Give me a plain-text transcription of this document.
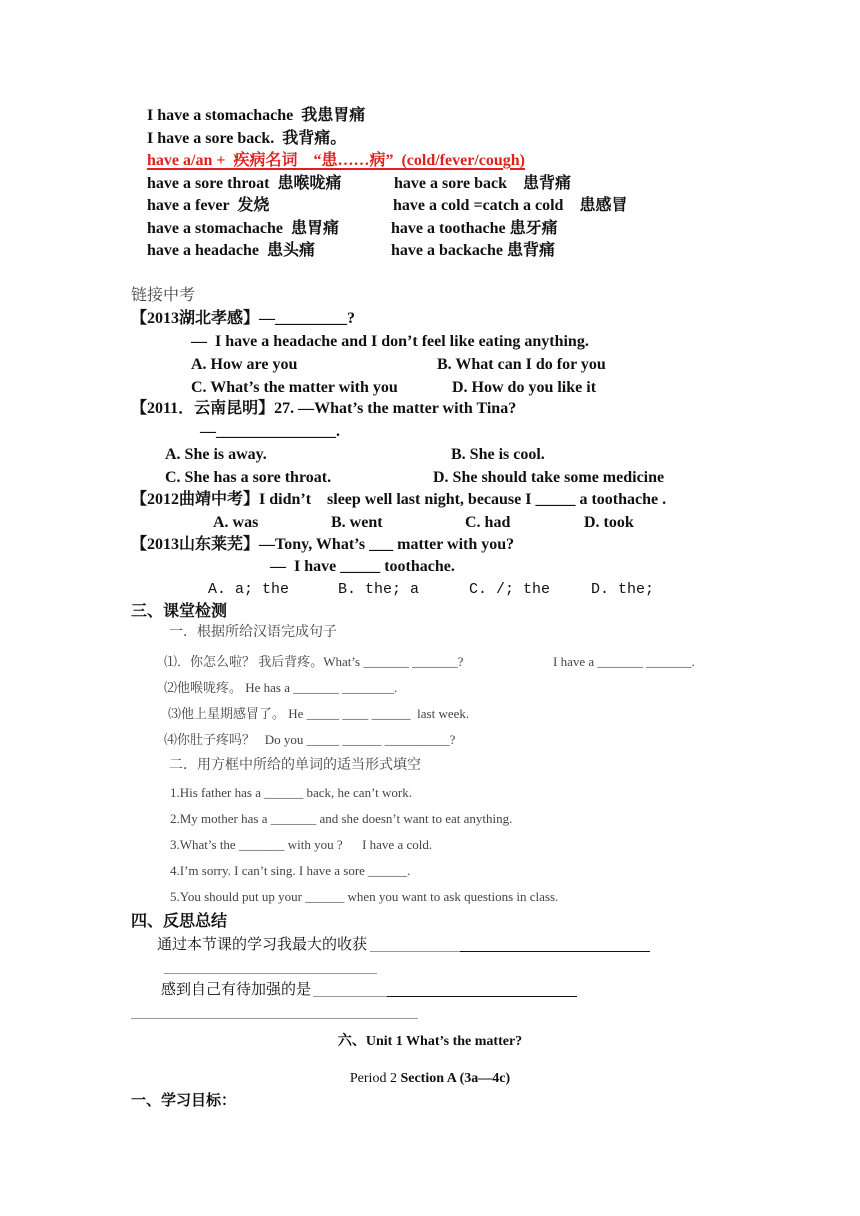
I have a stomachache  我患胃痛
I have a sore back.  我背痛。
have a/an +  疾病名词    “患……病”  (cold/fever/cough)
have a sore throat  患喉咙痛	have a sore back    患背痛
have a fever  发烧	have a cold =catch a cold    患感冒
have a stomachache  患胃痛	have a toothache 患牙痛
have a headache  患头痛	have a backache 患背痛
链接中考
【2013湖北孝感】—_________?
—  I have a headache and I don’t feel like eating anything.
A. How are you	B. What can I do for you
C. What’s the matter with you	D. How do you like it
【2011．云南昆明】27. —What’s the matter with Tina?
—_______________.
A. She is away.	B. She is cool.
C. She has a sore throat.	D. She should take some medicine
【2012曲靖中考】I didn’t    sleep well last night, because I _____ a toothache .
A. was	B. went	C. had	D. took
【2013山东莱芜】—Tony, What’s ___ matter with you?
—  I have _____ toothache.
A. a; the	B. the; a	C. /; the	D. the;
三、课堂检测
一．根据所给汉语完成句子
⑴．你怎么啦？ 我后背疼。What’s _______ _______?	I have a _______ _______.
⑵他喉咙疼。 He has a _______ ________.
⑶他上星期感冒了。 He _____ ____ ______  last week.
⑷你肚子疼吗？   Do you _____ ______ __________?
二．用方框中所给的单词的适当形式填空
1.His father has a ______ back, he can’t work.
2.My mother has a _______ and she doesn’t want to eat anything.
3.What’s the _______ with you ?      I have a cold.
4.I’m sorry. I can’t sing. I have a sore ______.
5.You should put up your ______ when you want to ask questions in class.
四、反思总结
通过本节课的学习我最大的收获
感到自己有待加强的是
六、Unit 1 What’s the matter?
Period 2 Section A (3a—4c)
一、学习目标：
